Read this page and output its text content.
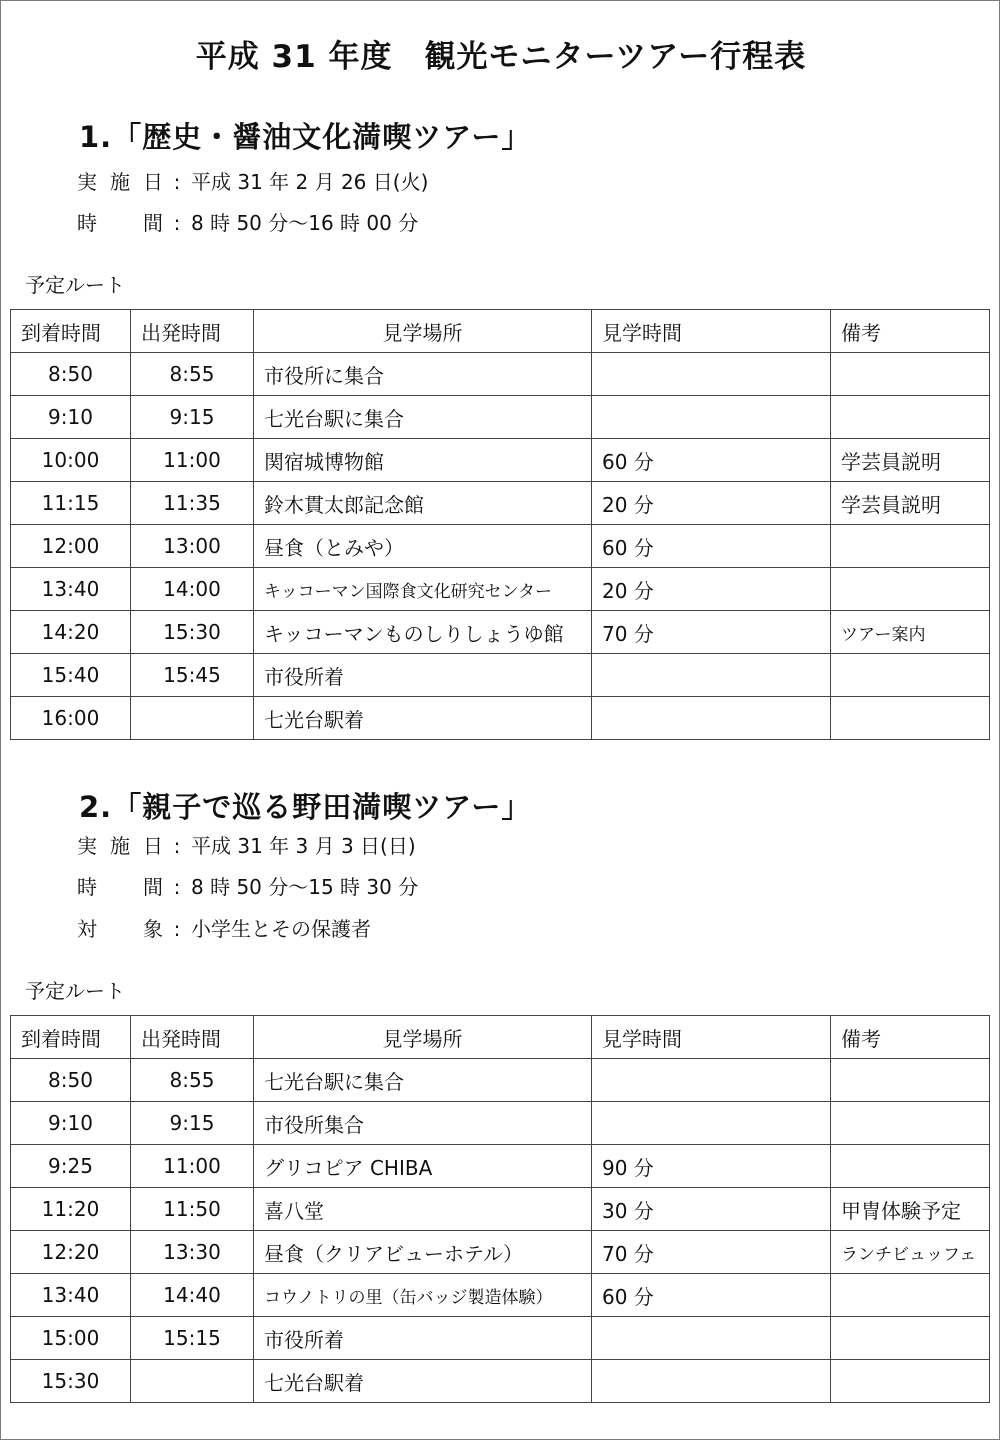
平成 31 年度　観光モニターツアー行程表
1.「歴史・醤油文化満喫ツアー」
実施日 : 平成 31 年 2 月 26 日(火)
時間 : 8 時 50 分～16 時 00 分
予定ルート
到着時間	出発時間	見学場所	見学時間	備考
8:50	8:55	市役所に集合		
9:10	9:15	七光台駅に集合		
10:00	11:00	関宿城博物館	60 分	学芸員説明
11:15	11:35	鈴木貫太郎記念館	20 分	学芸員説明
12:00	13:00	昼食（とみや）	60 分	
13:40	14:00	キッコーマン国際食文化研究センター	20 分	
14:20	15:30	キッコーマンものしりしょうゆ館	70 分	ツアー案内
15:40	15:45	市役所着		
16:00		七光台駅着		
2.「親子で巡る野田満喫ツアー」
実施日 : 平成 31 年 3 月 3 日(日)
時間 : 8 時 50 分～15 時 30 分
対象 : 小学生とその保護者
予定ルート
到着時間	出発時間	見学場所	見学時間	備考
8:50	8:55	七光台駅に集合		
9:10	9:15	市役所集合		
9:25	11:00	グリコピア CHIBA	90 分	
11:20	11:50	喜八堂	30 分	甲冑体験予定
12:20	13:30	昼食（クリアビューホテル）	70 分	ランチビュッフェ
13:40	14:40	コウノトリの里（缶バッジ製造体験）	60 分	
15:00	15:15	市役所着		
15:30		七光台駅着		
